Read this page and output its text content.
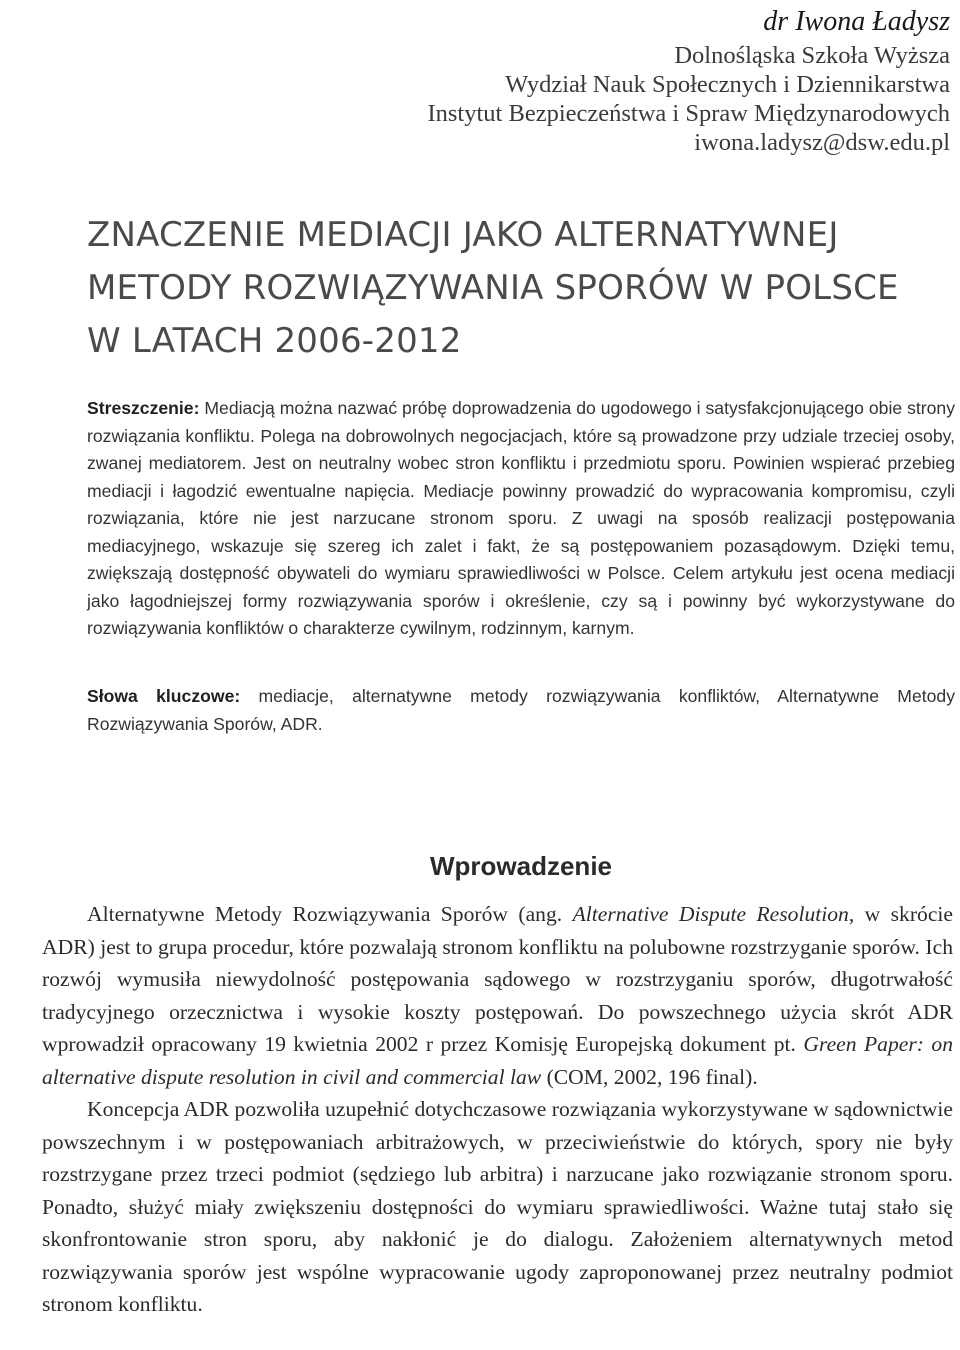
dr Iwona Ładysz
Dolnośląska Szkoła Wyższa
Wydział Nauk Społecznych i Dziennikarstwa
Instytut Bezpieczeństwa i Spraw Międzynarodowych
iwona.ladysz@dsw.edu.pl
ZNACZENIE MEDIACJI JAKO ALTERNATYWNEJ
METODY ROZWIĄZYWANIA SPORÓW W POLSCE
W LATACH 2006-2012
Streszczenie: Mediacją można nazwać próbę doprowadzenia do ugodowego i satysfakcjonującego obie strony rozwiązania konfliktu. Polega na dobrowolnych negocjacjach, które są prowadzone przy udziale trzeciej osoby, zwanej mediatorem. Jest on neutralny wobec stron konfliktu i przedmiotu sporu. Powinien wspierać przebieg mediacji i łagodzić ewentualne napięcia. Mediacje powinny prowadzić do wypracowania kompromisu, czyli rozwiązania, które nie jest narzucane stronom sporu. Z uwagi na sposób realizacji postępowania mediacyjnego, wskazuje się szereg ich zalet i fakt, że są postępowaniem pozasądowym. Dzięki temu, zwiększają dostępność obywateli do wymiaru sprawiedliwości w Polsce. Celem artykułu jest ocena mediacji jako łagodniejszej formy rozwiązywania sporów i określenie, czy są i powinny być wykorzystywane do rozwiązywania konfliktów o charakterze cywilnym, rodzinnym, karnym.
Słowa kluczowe: mediacje, alternatywne metody rozwiązywania konfliktów, Alternatywne Metody Rozwiązywania Sporów, ADR.
Wprowadzenie

Alternatywne Metody Rozwiązywania Sporów (ang. Alternative Dispute Resolution, w skrócie ADR) jest to grupa procedur, które pozwalają stronom konfliktu na polubowne rozstrzyganie sporów. Ich rozwój wymusiła niewydolność postępowania sądowego w rozstrzyganiu sporów, długotrwałość tradycyjnego orzecznictwa i wysokie koszty postępowań. Do powszechnego użycia skrót ADR wprowadził opracowany 19 kwietnia 2002 r przez Komisję Europejską dokument pt. Green Paper: on alternative dispute resolution in civil and commercial law (COM, 2002, 196 final).

Koncepcja ADR pozwoliła uzupełnić dotychczasowe rozwiązania wykorzystywane w sądownictwie powszechnym i w postępowaniach arbitrażowych, w przeciwieństwie do których, spory nie były rozstrzygane przez trzeci podmiot (sędziego lub arbitra) i narzucane jako rozwiązanie stronom sporu. Ponadto, służyć miały zwiększeniu dostępności do wymiaru sprawiedliwości. Ważne tutaj stało się skonfrontowanie stron sporu, aby nakłonić je do dialogu. Założeniem alternatywnych metod rozwiązywania sporów jest wspólne wypracowanie ugody zaproponowanej przez neutralny podmiot stronom konfliktu.
